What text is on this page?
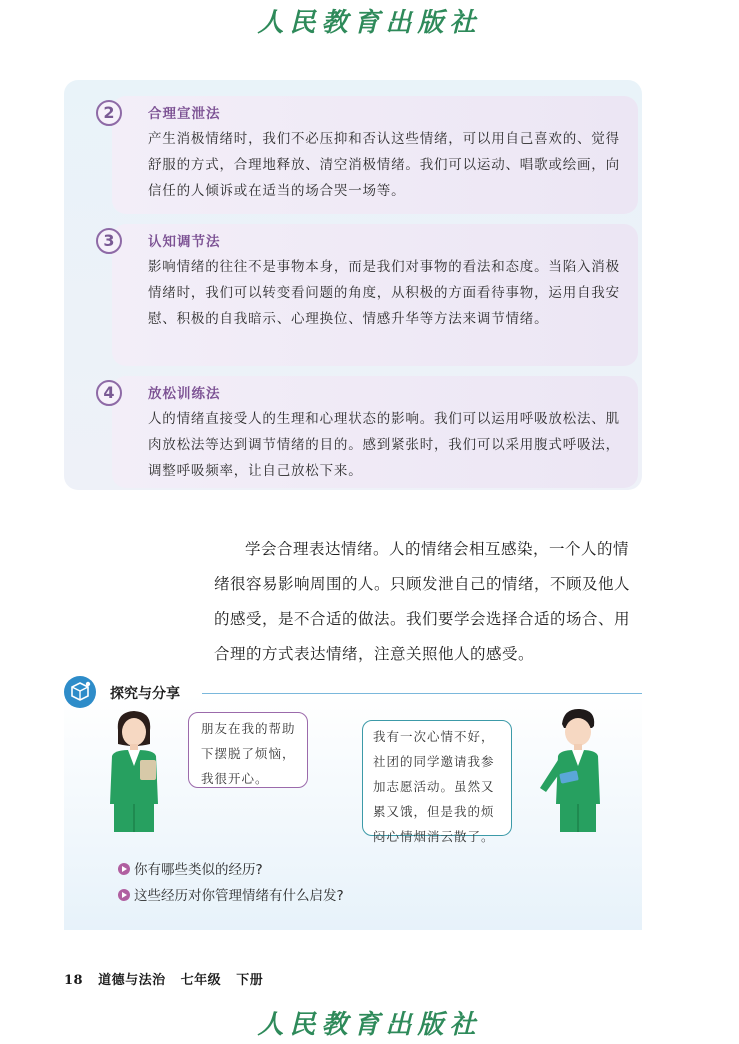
人民教育出版社
2	合理宣泄法
产生消极情绪时，我们不必压抑和否认这些情绪，可以用自己喜欢的、觉得舒服的方式，合理地释放、清空消极情绪。我们可以运动、唱歌或绘画，向信任的人倾诉或在适当的场合哭一场等。
3	认知调节法
影响情绪的往往不是事物本身，而是我们对事物的看法和态度。当陷入消极情绪时，我们可以转变看问题的角度，从积极的方面看待事物，运用自我安慰、积极的自我暗示、心理换位、情感升华等方法来调节情绪。
4	放松训练法
人的情绪直接受人的生理和心理状态的影响。我们可以运用呼吸放松法、肌肉放松法等达到调节情绪的目的。感到紧张时，我们可以采用腹式呼吸法，调整呼吸频率，让自己放松下来。
学会合理表达情绪。人的情绪会相互感染，一个人的情绪很容易影响周围的人。只顾发泄自己的情绪，不顾及他人的感受，是不合适的做法。我们要学会选择合适的场合、用合理的方式表达情绪，注意关照他人的感受。
探究与分享
朋友在我的帮助下摆脱了烦恼，我很开心。
我有一次心情不好，社团的同学邀请我参加志愿活动。虽然又累又饿，但是我的烦闷心情烟消云散了。
你有哪些类似的经历?
这些经历对你管理情绪有什么启发?
18 道德与法治 七年级 下册
人民教育出版社
